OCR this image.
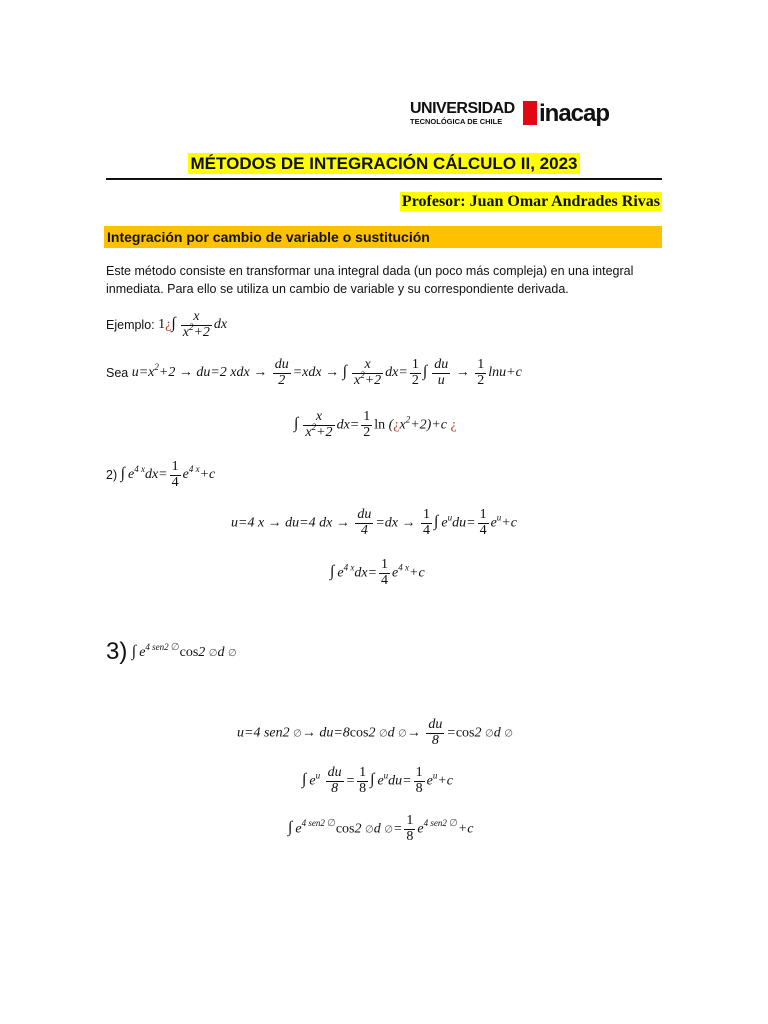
UNIVERSIDAD
TECNOLÓGICA DE CHILE inacap
MÉTODOS DE INTEGRACIÓN CÁLCULO II, 2023
Profesor: Juan Omar Andrades Rivas
Integración por cambio de variable o sustitución
Este método consiste en transformar una integral dada (un poco más compleja) en una integral
inmediata. Para ello se utiliza un cambio de variable y su correspondiente derivada.
Ejemplo: 1¿∫ $\frac{x}{x^2+2}$ dx
Sea $u=x^2+2 \to du=2$ xdx → $\frac{du}{2} =xdx$ → ∫ $\frac{x}{x^2+2} dx= \frac{1}{2}$ ∫ $\frac{du}{u} \to \frac{1}{2} \ln u+c$
∫ $\frac{x}{x^2+2} dx= \frac{1}{2}$ $\ln (¿x^2+2)+c$ ¿
2) ∫ $e^{4 x}dx= \frac{1}{4} e^{4 x}+c$
u=4 x → du=4 dx → $\frac{du}{4} =dx \to \frac{1}{4}$ ∫ $e^udu= \frac{1}{4} e^u+c$
∫ $e^{4 x}dx= \frac{1}{4} e^{4 x}+c$
3) ∫ $e^{4 sen2 \emptyset}\cos 2$ ∅d ∅
u=4 sen2 ∅→ du=8cos2 ∅d ∅→ $\frac{du}{8} =\cos 2$ ∅d ∅
∫ $e^u \frac{du}{8} = \frac{1}{8}$ ∫ $e^udu= \frac{1}{8} e^u+c$
∫ $e^{4 sen2 \emptyset}\cos 2$ ∅d ∅= $\frac{1}{8} e^{4 sen2 \emptyset}+c$
